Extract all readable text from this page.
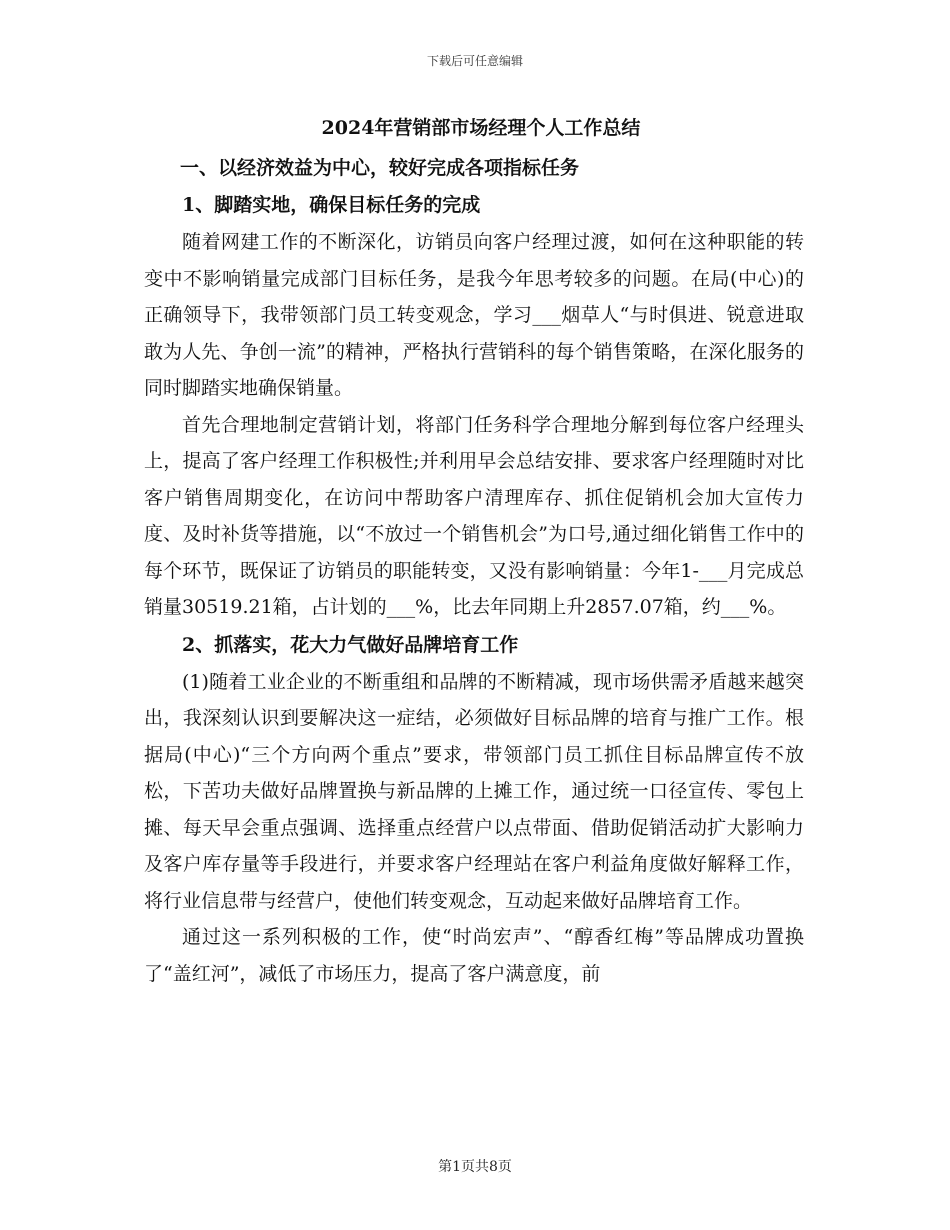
下载后可任意编辑
2024年营销部市场经理个人工作总结
一、以经济效益为中心，较好完成各项指标任务
1、脚踏实地，确保目标任务的完成

随着网建工作的不断深化，访销员向客户经理过渡，如何在这种职能的转变中不影响销量完成部门目标任务，是我今年思考较多的问题。在局(中心)的正确领导下，我带领部门员工转变观念，学习___烟草人“与时俱进、锐意进取敢为人先、争创一流”的精神，严格执行营销科的每个销售策略，在深化服务的同时脚踏实地确保销量。

首先合理地制定营销计划，将部门任务科学合理地分解到每位客户经理头上，提高了客户经理工作积极性;并利用早会总结安排、要求客户经理随时对比客户销售周期变化，在访问中帮助客户清理库存、抓住促销机会加大宣传力度、及时补货等措施，以“不放过一个销售机会”为口号,通过细化销售工作中的每个环节，既保证了访销员的职能转变，又没有影响销量：今年1-___月完成总销量30519.21箱，占计划的___%，比去年同期上升2857.07箱，约___%。

2、抓落实，花大力气做好品牌培育工作

(1)随着工业企业的不断重组和品牌的不断精减，现市场供需矛盾越来越突出，我深刻认识到要解决这一症结，必须做好目标品牌的培育与推广工作。根据局(中心)“三个方向两个重点”要求，带领部门员工抓住目标品牌宣传不放松，下苦功夫做好品牌置换与新品牌的上摊工作，通过统一口径宣传、零包上摊、每天早会重点强调、选择重点经营户以点带面、借助促销活动扩大影响力及客户库存量等手段进行，并要求客户经理站在客户利益角度做好解释工作，将行业信息带与经营户，使他们转变观念，互动起来做好品牌培育工作。

通过这一系列积极的工作，使“时尚宏声”、“醇香红梅”等品牌成功置换了“盖红河”，减低了市场压力，提高了客户满意度，前

第1页共8页
